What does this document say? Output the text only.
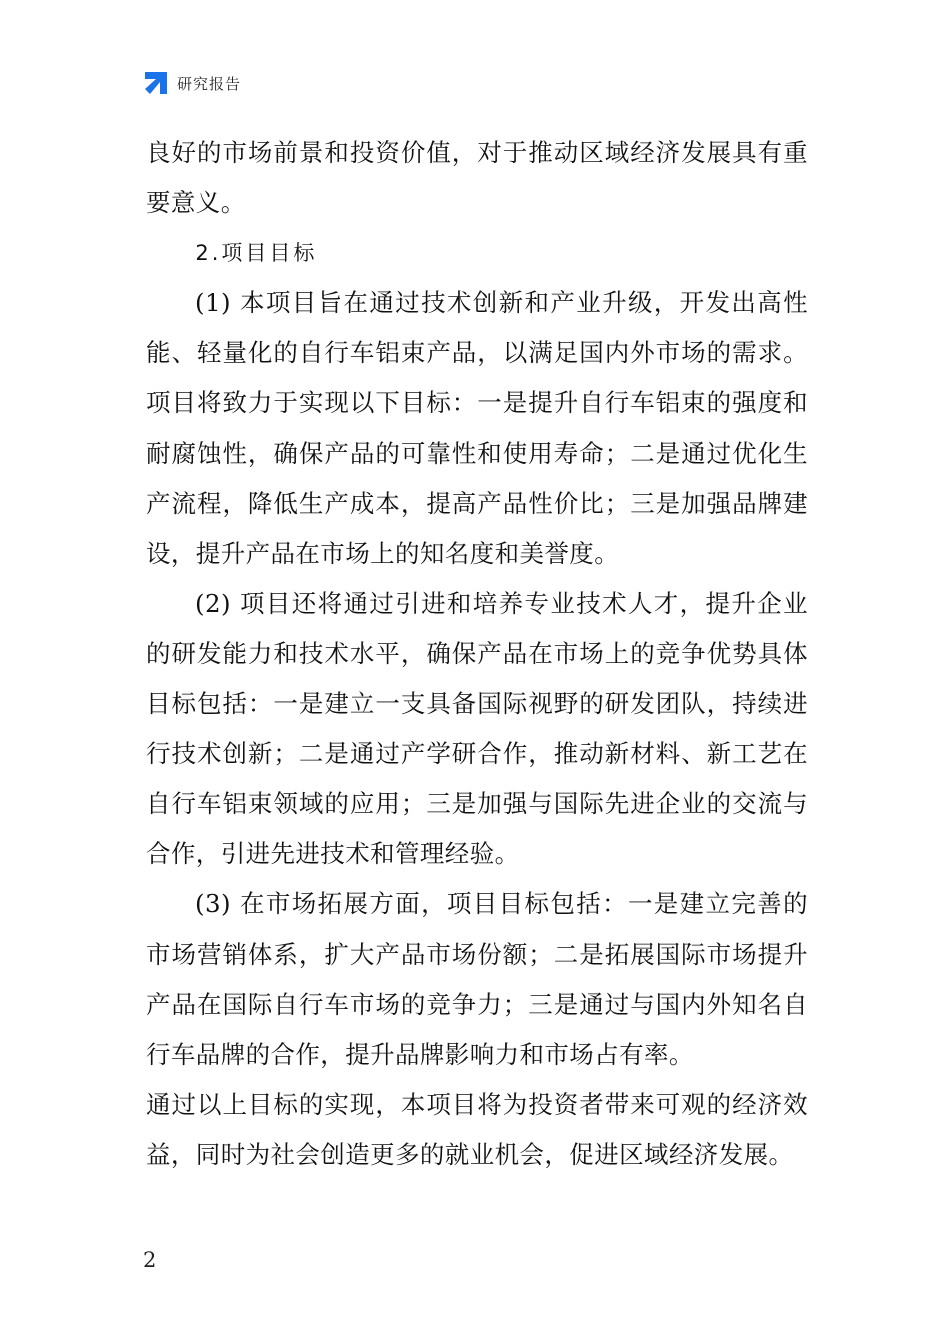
研究报告

良好的市场前景和投资价值，对于推动区域经济发展具有重要意义。

2.项目目标

(1) 本项目旨在通过技术创新和产业升级，开发出高性能、轻量化的自行车铝束产品，以满足国内外市场的需求。项目将致力于实现以下目标：一是提升自行车铝束的强度和耐腐蚀性，确保产品的可靠性和使用寿命；二是通过优化生产流程，降低生产成本，提高产品性价比；三是加强品牌建设，提升产品在市场上的知名度和美誉度。

(2) 项目还将通过引进和培养专业技术人才，提升企业的研发能力和技术水平，确保产品在市场上的竞争优势具体目标包括：一是建立一支具备国际视野的研发团队，持续进行技术创新；二是通过产学研合作，推动新材料、新工艺在自行车铝束领域的应用；三是加强与国际先进企业的交流与合作，引进先进技术和管理经验。

(3) 在市场拓展方面，项目目标包括：一是建立完善的市场营销体系，扩大产品市场份额；二是拓展国际市场提升产品在国际自行车市场的竞争力；三是通过与国内外知名自行车品牌的合作，提升品牌影响力和市场占有率。

通过以上目标的实现，本项目将为投资者带来可观的经济效益，同时为社会创造更多的就业机会，促进区域经济发展。

2
